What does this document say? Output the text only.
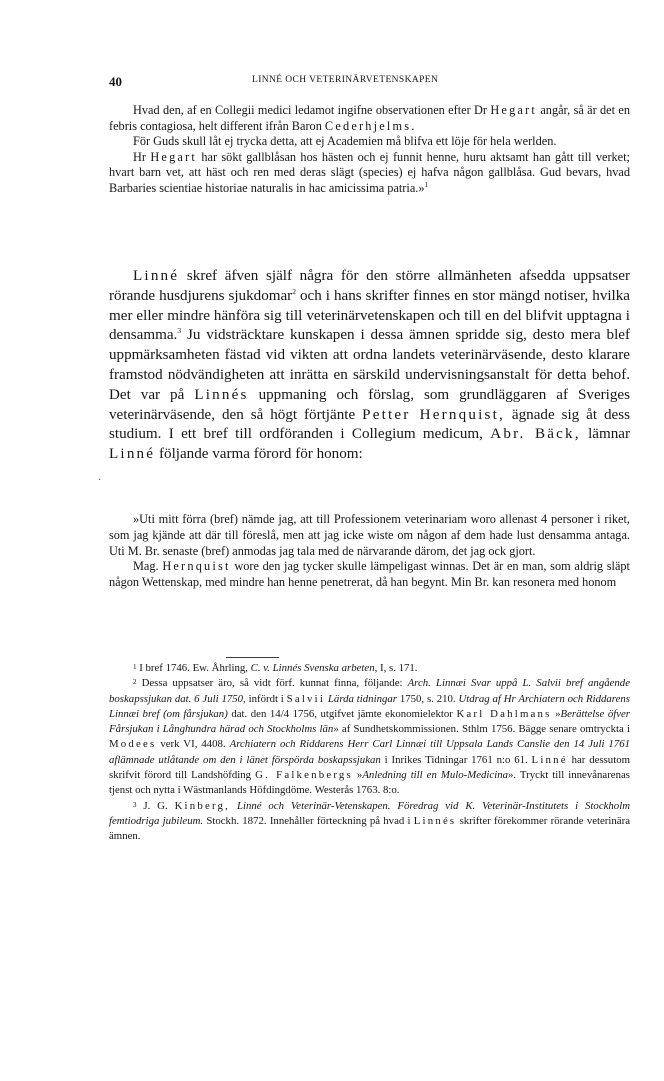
40	LINNÉ OCH VETERINÄRVETENSKAPEN

Hvad den, af en Collegii medici ledamot ingifne observationen efter Dr Hegart angår, så är det en febris contagiosa, helt different ifrån Baron Cederhjelms.

För Guds skull låt ej trycka detta, att ej Academien må blifva ett löje för hela werlden.

Hr Hegart har sökt gallblåsan hos hästen och ej funnit henne, huru aktsamt han gått till verket; hvart barn vet, att häst och ren med deras slägt (species) ej hafva någon gallblåsa. Gud bevars, hvad Barbaries scientiae historiae naturalis in hac amicissima patria.»$^1$

Linné skref äfven själf några för den större allmänheten afsedda uppsatser rörande husdjurens sjukdomar$^2$ och i hans skrifter finnes en stor mängd notiser, hvilka mer eller mindre hänföra sig till veterinärvetenskapen och till en del blifvit upptagna i densamma.$^3$ Ju vidsträcktare kunskapen i dessa ämnen spridde sig, desto mera blef uppmärksamheten fästad vid vikten att ordna landets veterinärväsende, desto klarare framstod nödvändigheten att inrätta en särskild undervisningsanstalt för detta behof. Det var på Linnés uppmaning och förslag, som grundläggaren af Sveriges veterinärväsende, den så högt förtjänte Petter Hernquist, ägnade sig åt dess studium. I ett bref till ordföranden i Collegium medicum, Abr. Bäck, lämnar Linné följande varma förord för honom:

·

»Uti mitt förra (bref) nämde jag, att till Professionem veterinariam woro allenast 4 personer i riket, som jag kjände att där till föreslå, men att jag icke wiste om någon af dem hade lust densamma antaga. Uti M. Br. senaste (bref) anmodas jag tala med de närvarande därom, det jag ock gjort.

Mag. Hernquist wore den jag tycker skulle lämpeligast winnas. Det är en man, som aldrig släpt någon Wettenskap, med mindre han henne penetrerat, då han begynt. Min Br. kan resonera med honom

$^1$ I bref 1746. Ew. Åhrling, C. v. Linnés Svenska arbeten, I, s. 171.

$^2$ Dessa uppsatser äro, så vidt förf. kunnat finna, följande: Arch. Linnæi Svar uppå L. Salvii bref angående boskapssjukan dat. 6 Juli 1750, infördt i Salvii Lärda tidningar 1750, s. 210. Utdrag af Hr Archiatern och Riddarens Linnæi bref (om fårsjukan) dat. den 14/4 1756, utgifvet jämte ekonomielektor Karl Dahlmans »Berättelse öfver Fårsjukan i Långhundra härad och Stockholms län» af Sundhetskommissionen. Sthlm 1756. Bägge senare omtryckta i Modees verk VI, 4408. Archiatern och Riddarens Herr Carl Linnæi till Uppsala Lands Canslie den 14 Juli 1761 aflämnade utlåtande om den i länet förspörda boskapssjukan i Inrikes Tidningar 1761 n:o 61. Linné har dessutom skrifvit förord till Landshöfding G. Falkenbergs »Anledning till en Mulo-Medicina». Tryckt till innevånarenas tjenst och nytta i Wästmanlands Höfdingdöme. Westerås 1763. 8:o.

$^3$ J. G. Kinberg, Linné och Veterinär-Vetenskapen. Föredrag vid K. Veterinär-Institutets i Stockholm femtiodriga jubileum. Stockh. 1872. Innehåller förteckning på hvad i Linnés skrifter förekommer rörande veterinära ämnen.
